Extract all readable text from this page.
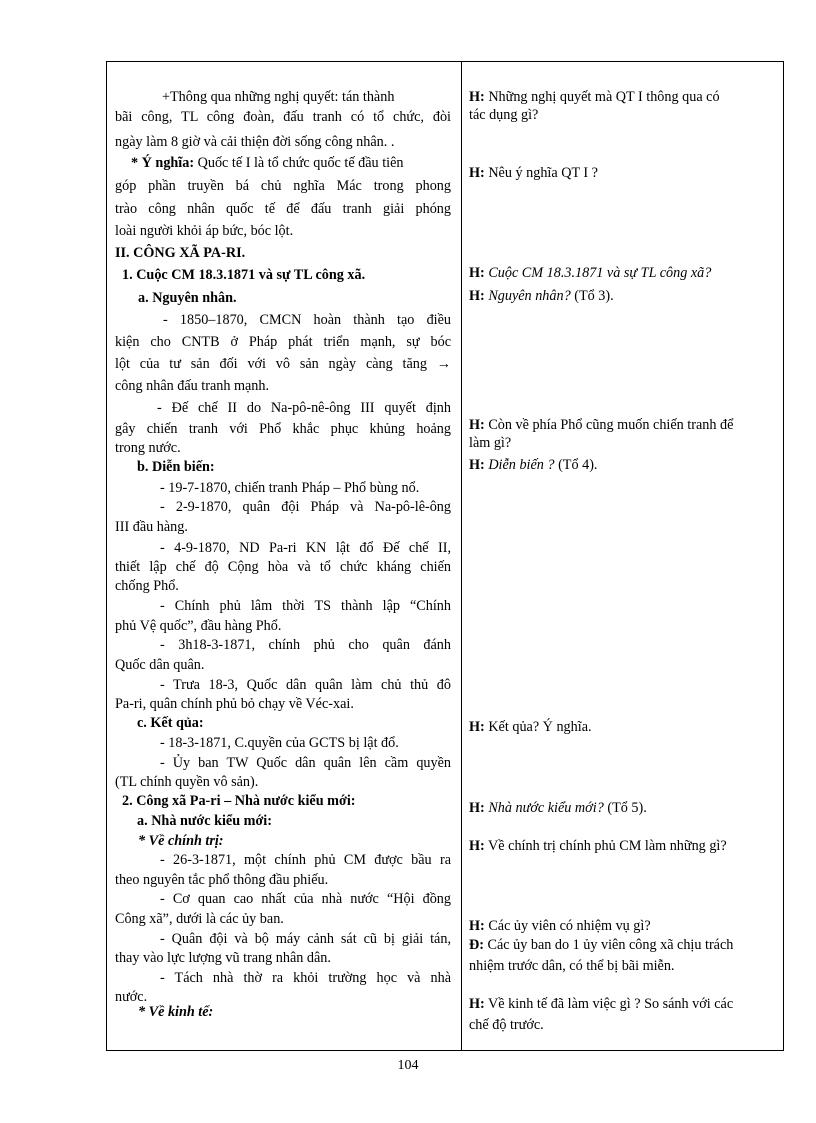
+Thông qua những nghị quyết: tán thành
bãi công, TL công đoàn, đấu tranh có tổ chức, đòi
ngày làm 8 giờ và cải thiện đời sống công nhân. .
* Ý nghĩa: Quốc tế I là tổ chức quốc tế đầu tiên
góp phần truyền bá chủ nghĩa Mác trong phong
trào công nhân quốc tế để đấu tranh giải phóng
loài người khỏi áp bức, bóc lột.
II. CÔNG XÃ PA-RI.
1. Cuộc CM 18.3.1871 và sự TL công xã.
a. Nguyên nhân.
- 1850–1870, CMCN hoàn thành tạo điều
kiện cho CNTB ở Pháp phát triển mạnh, sự bóc
lột của tư sản đối với vô sản ngày càng tăng →
công nhân đấu tranh mạnh.
- Đế chế II do Na-pô-nê-ông III quyết định
gây chiến tranh với Phổ khắc phục khủng hoảng
trong nước.
b. Diễn biến:
- 19-7-1870, chiến tranh Pháp – Phổ bùng nổ.
- 2-9-1870, quân đội Pháp và Na-pô-lê-ông
III đầu hàng.
- 4-9-1870, ND Pa-ri KN lật đổ Đế chế II,
thiết lập chế độ Cộng hòa và tổ chức kháng chiến
chống Phổ.
- Chính phủ lâm thời TS thành lập “Chính
phủ Vệ quốc”, đầu hàng Phổ.
- 3h18-3-1871, chính phủ cho quân đánh
Quốc dân quân.
- Trưa 18-3, Quốc dân quân làm chủ thủ đô
Pa-ri, quân chính phủ bỏ chạy về Véc-xai.
c. Kết qủa:
- 18-3-1871, C.quyền của GCTS bị lật đổ.
- Ủy ban TW Quốc dân quân lên cầm quyền
(TL chính quyền vô sản).
2. Công xã Pa-ri – Nhà nước kiểu mới:
a. Nhà nước kiểu mới:
* Về chính trị:
- 26-3-1871, một chính phủ CM được bầu ra
theo nguyên tắc phổ thông đầu phiếu.
- Cơ quan cao nhất của nhà nước “Hội đồng
Công xã”, dưới là các ủy ban.
- Quân đội và bộ máy cảnh sát cũ bị giải tán,
thay vào lực lượng vũ trang nhân dân.
- Tách nhà thờ ra khỏi trường học và nhà
nước.
* Về kinh tế:
H: Những nghị quyết mà QT I thông qua có
tác dụng gì?
H: Nêu ý nghĩa QT I ?
H: Cuộc CM 18.3.1871 và sự TL công xã?
H: Nguyên nhân? (Tổ 3).
H: Còn về phía Phổ cũng muốn chiến tranh để
làm gì?
H: Diễn biến ? (Tổ 4).
H: Kết qủa? Ý nghĩa.
H: Nhà nước kiểu mới? (Tổ 5).
H: Về chính trị chính phủ CM làm những gì?
H: Các ủy viên có nhiệm vụ gì?
Đ: Các ủy ban do 1 ủy viên công xã chịu trách
nhiệm trước dân, có thể bị bãi miễn.
H: Về kinh tế đã làm việc gì ? So sánh với các
chế độ trước.
104
